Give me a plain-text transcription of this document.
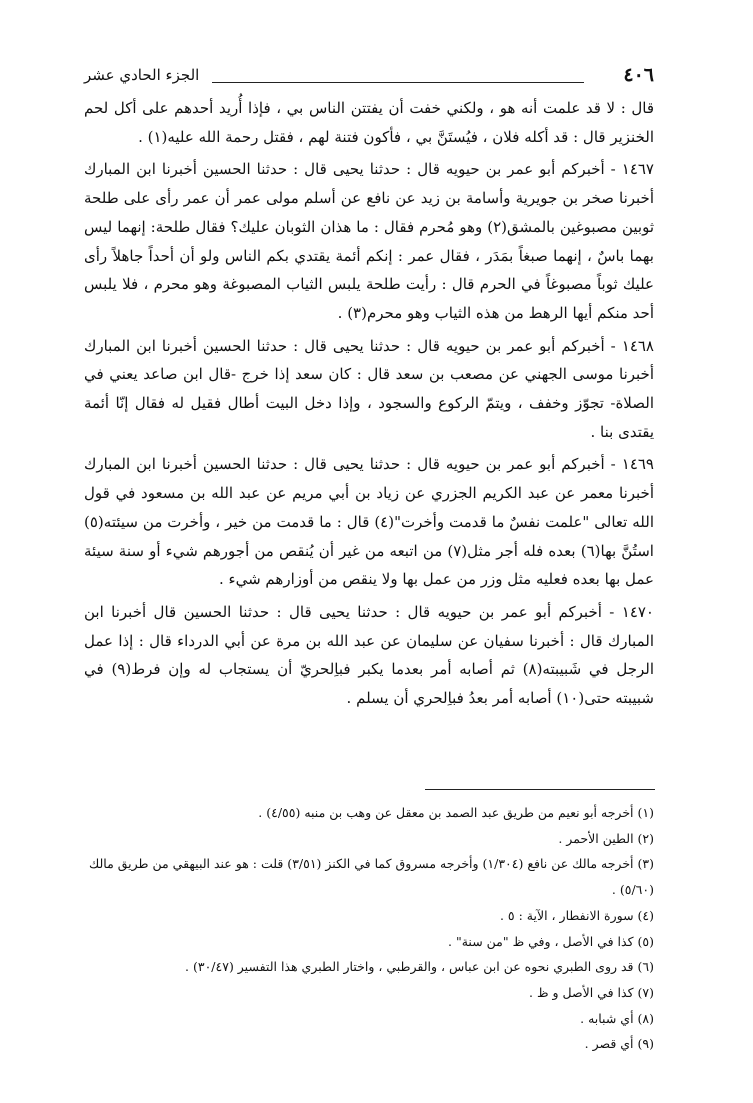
٤٠٦
الجزء الحادي عشر

قال : لا قد علمت أنه هو ، ولكني خفت أن يفتتن الناس بي ، فإذا أُريد أحدهم على أكل لحم الخنزير قال : قد أكله فلان ، فيُستَنَّ بي ، فأكون فتنة لهم ، فقتل رحمة الله عليه(١) .

١٤٦٧ - أخبركم أبو عمر بن حيويه قال : حدثنا يحيى قال : حدثنا الحسين أخبرنا ابن المبارك أخبرنا صخر بن جويرية وأسامة بن زيد عن نافع عن أسلم مولى عمر أن عمر رأى على طلحة ثوبين مصبوغين بالمشق(٢) وهو مُحرم فقال : ما هذان الثوبان عليك؟ فقال طلحة: إنهما ليس بهما باسٌ ، إنهما صبغاً بمَدَر ، فقال عمر : إنكم أئمة يقتدي بكم الناس ولو أن أحداً جاهلاً رأى عليك ثوباً مصبوغاً في الحرم قال : رأيت طلحة يلبس الثياب المصبوغة وهو محرم ، فلا يلبس أحد منكم أيها الرهط من هذه الثياب وهو محرم(٣) .

١٤٦٨ - أخبركم أبو عمر بن حيويه قال : حدثنا يحيى قال : حدثنا الحسين أخبرنا ابن المبارك أخبرنا موسى الجهني عن مصعب بن سعد قال : كان سعد إذا خرج -قال ابن صاعد يعني في الصلاة- تجوّز وخفف ، ويتمّ الركوع والسجود ، وإذا دخل البيت أطال فقيل له فقال إنّا أئمة يقتدى بنا .

١٤٦٩ - أخبركم أبو عمر بن حيويه قال : حدثنا يحيى قال : حدثنا الحسين أخبرنا ابن المبارك أخبرنا معمر عن عبد الكريم الجزري عن زياد بن أبي مريم عن عبد الله بن مسعود في قول الله تعالى "علمت نفسٌ ما قدمت وأخرت"(٤) قال : ما قدمت من خير ، وأخرت من سيئته(٥) استُنَّ بها(٦) بعده فله أجر مثل(٧) من اتبعه من غير أن يُنقص من أجورهم شيء أو سنة سيئة عمل بها بعده فعليه مثل وزر من عمل بها ولا ينقص من أوزارهم شيء .

١٤٧٠ - أخبركم أبو عمر بن حيويه قال : حدثنا يحيى قال : حدثنا الحسين قال أخبرنا ابن المبارك قال : أخبرنا سفيان عن سليمان عن عبد الله بن مرة عن أبي الدرداء قال : إذا عمل الرجل في شَبيبته(٨) ثم أصابه أمر بعدما يكبر فباِلحريّ أن يستجاب له وإن فرط(٩) في شبيبته حتى(١٠) أصابه أمر بعدُ فباِلحري أن يسلم .

(١) أخرجه أبو نعيم من طريق عبد الصمد بن معقل عن وهب بن منبه (٤/٥٥) .

(٢) الطين الأحمر .

(٣) أخرجه مالك عن نافع (١/٣٠٤) وأخرجه مسروق كما في الكنز (٣/٥١) قلت : هو عند البيهقي من طريق مالك (٥/٦٠) .

(٤) سورة الانفطار ، الآية : ٥ .

(٥) كذا في الأصل ، وفي ظ "من سنة" .

(٦) قد روى الطبري نحوه عن ابن عباس ، والقرطبي ، واختار الطبري هذا التفسير (٣٠/٤٧) .

(٧) كذا في الأصل و ظ .

(٨) أي شبابه .

(٩) أي قصر .
